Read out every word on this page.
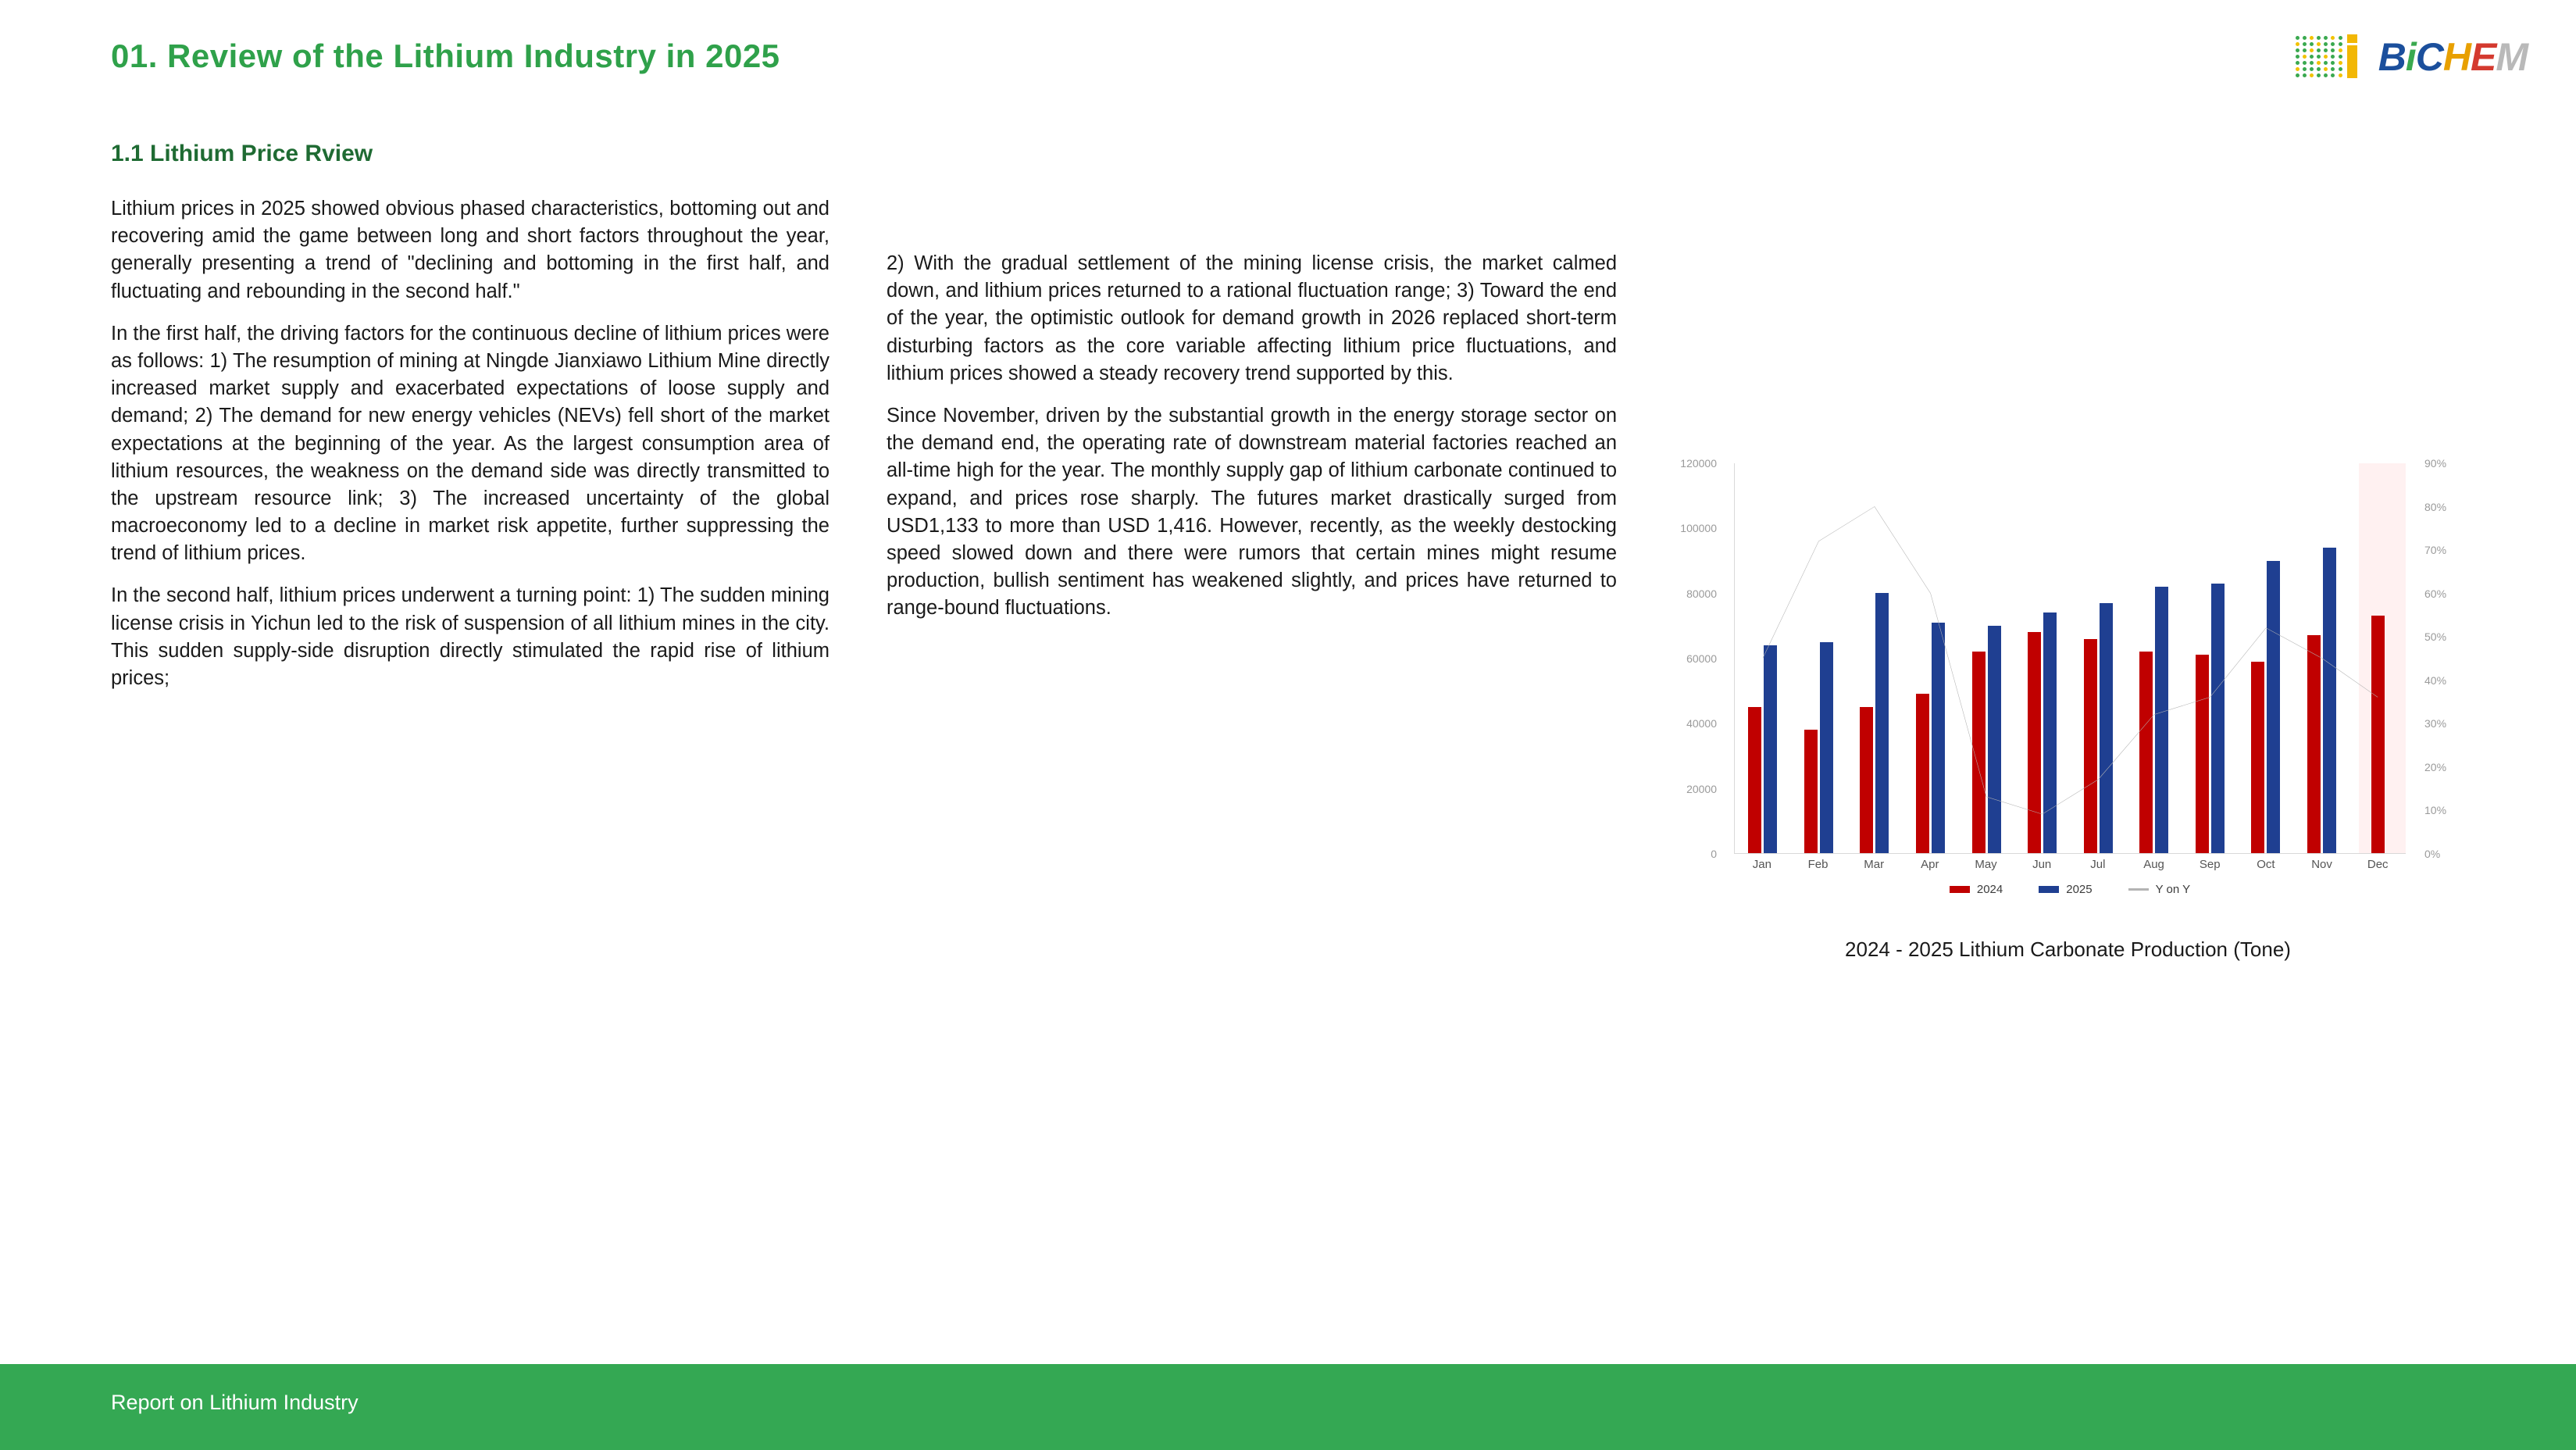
01. Review of the Lithium Industry in 2025	BiCHEM
1.1 Lithium Price Rview

Lithium prices in 2025 showed obvious phased characteristics, bottoming out and recovering amid the game between long and short factors throughout the year, generally presenting a trend of "declining and bottoming in the first half, and fluctuating and rebounding in the second half."

In the first half, the driving factors for the continuous decline of lithium prices were as follows: 1) The resumption of mining at Ningde Jianxiawo Lithium Mine directly increased market supply and exacerbated expectations of loose supply and demand; 2) The demand for new energy vehicles (NEVs) fell short of the market expectations at the beginning of the year. As the largest consumption area of lithium resources, the weakness on the demand side was directly transmitted to the upstream resource link; 3) The increased uncertainty of the global macroeconomy led to a decline in market risk appetite, further suppressing the trend of lithium prices.

In the second half, lithium prices underwent a turning point: 1) The sudden mining license crisis in Yichun led to the risk of suspension of all lithium mines in the city. This sudden supply-side disruption directly stimulated the rapid rise of lithium prices;

2) With the gradual settlement of the mining license crisis, the market calmed down, and lithium prices returned to a rational fluctuation range; 3) Toward the end of the year, the optimistic outlook for demand growth in 2026 replaced short-term disturbing factors as the core variable affecting lithium price fluctuations, and lithium prices showed a steady recovery trend supported by this.

Since November, driven by the substantial growth in the energy storage sector on the demand end, the operating rate of downstream material factories reached an all-time high for the year. The monthly supply gap of lithium carbonate continued to expand, and prices rose sharply. The futures market drastically surged from USD1,133 to more than USD 1,416. However, recently, as the weekly destocking speed slowed down and there were rumors that certain mines might resume production, bullish sentiment has weakened slightly, and prices have returned to range-bound fluctuations.

0
20000
40000
60000
80000
100000
120000
0%
10%
20%
30%
40%
50%
60%
70%
80%
90%
Jan	Feb	Mar	Apr	May	Jun	Jul	Aug	Sep	Oct	Nov	Dec
2024	2025	Y on Y
2024 - 2025 Lithium Carbonate Production (Tone)
Report on Lithium Industry
